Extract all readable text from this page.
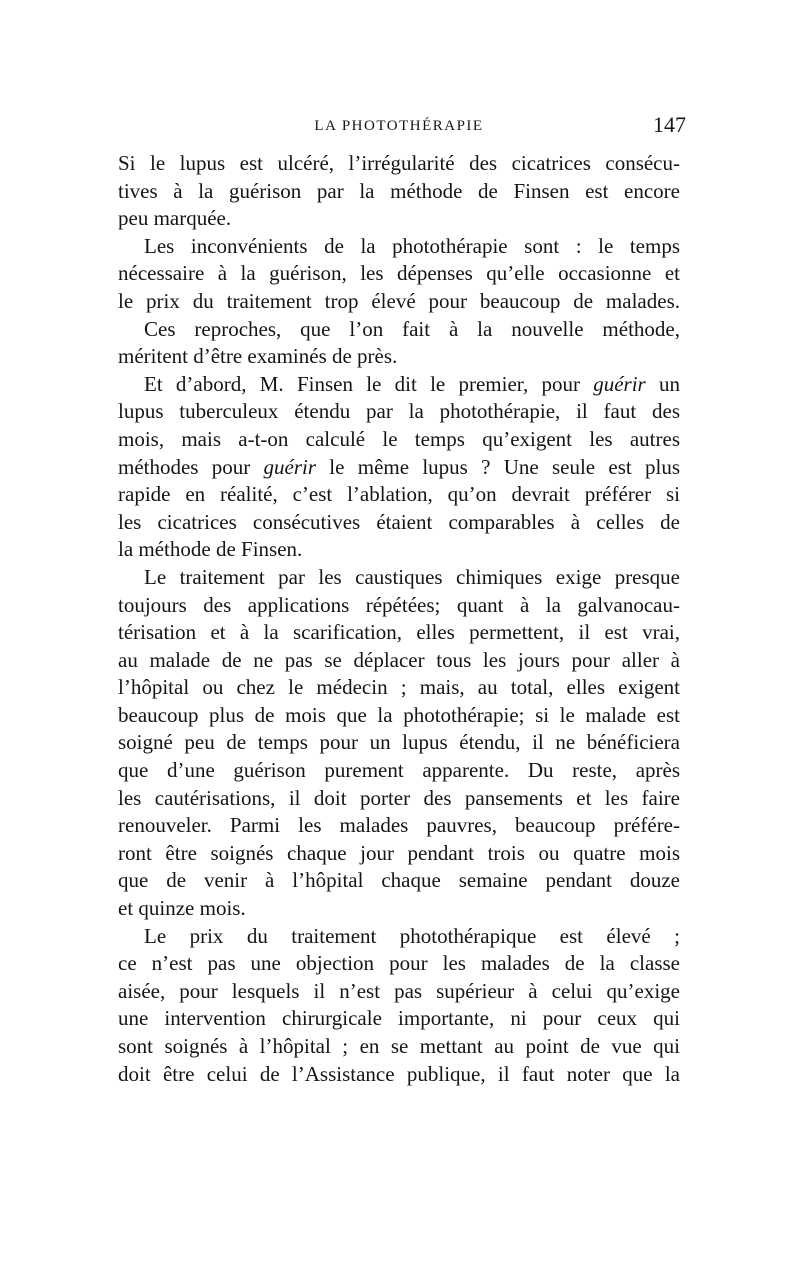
LA PHOTOTHÉRAPIE	147

Si le lupus est ulcéré, l’irrégularité des cicatrices consécu-
tives à la guérison par la méthode de Finsen est encore
peu marquée.

Les inconvénients de la photothérapie sont : le temps
nécessaire à la guérison, les dépenses qu’elle occasionne et
le prix du traitement trop élevé pour beaucoup de malades.

Ces reproches, que l’on fait à la nouvelle méthode,
méritent d’être examinés de près.

Et d’abord, M. Finsen le dit le premier, pour guérir un
lupus tuberculeux étendu par la photothérapie, il faut des
mois, mais a-t-on calculé le temps qu’exigent les autres
méthodes pour guérir le même lupus ? Une seule est plus
rapide en réalité, c’est l’ablation, qu’on devrait préférer si
les cicatrices consécutives étaient comparables à celles de
la méthode de Finsen.

Le traitement par les caustiques chimiques exige presque
toujours des applications répétées; quant à la galvanocau-
térisation et à la scarification, elles permettent, il est vrai,
au malade de ne pas se déplacer tous les jours pour aller à
l’hôpital ou chez le médecin ; mais, au total, elles exigent
beaucoup plus de mois que la photothérapie; si le malade est
soigné peu de temps pour un lupus étendu, il ne bénéficiera
que d’une guérison purement apparente. Du reste, après
les cautérisations, il doit porter des pansements et les faire
renouveler. Parmi les malades pauvres, beaucoup préfére-
ront être soignés chaque jour pendant trois ou quatre mois
que de venir à l’hôpital chaque semaine pendant douze
et quinze mois.

Le prix du traitement photothérapique est élevé ;
ce n’est pas une objection pour les malades de la classe
aisée, pour lesquels il n’est pas supérieur à celui qu’exige
une intervention chirurgicale importante, ni pour ceux qui
sont soignés à l’hôpital ; en se mettant au point de vue qui
doit être celui de l’Assistance publique, il faut noter que la
